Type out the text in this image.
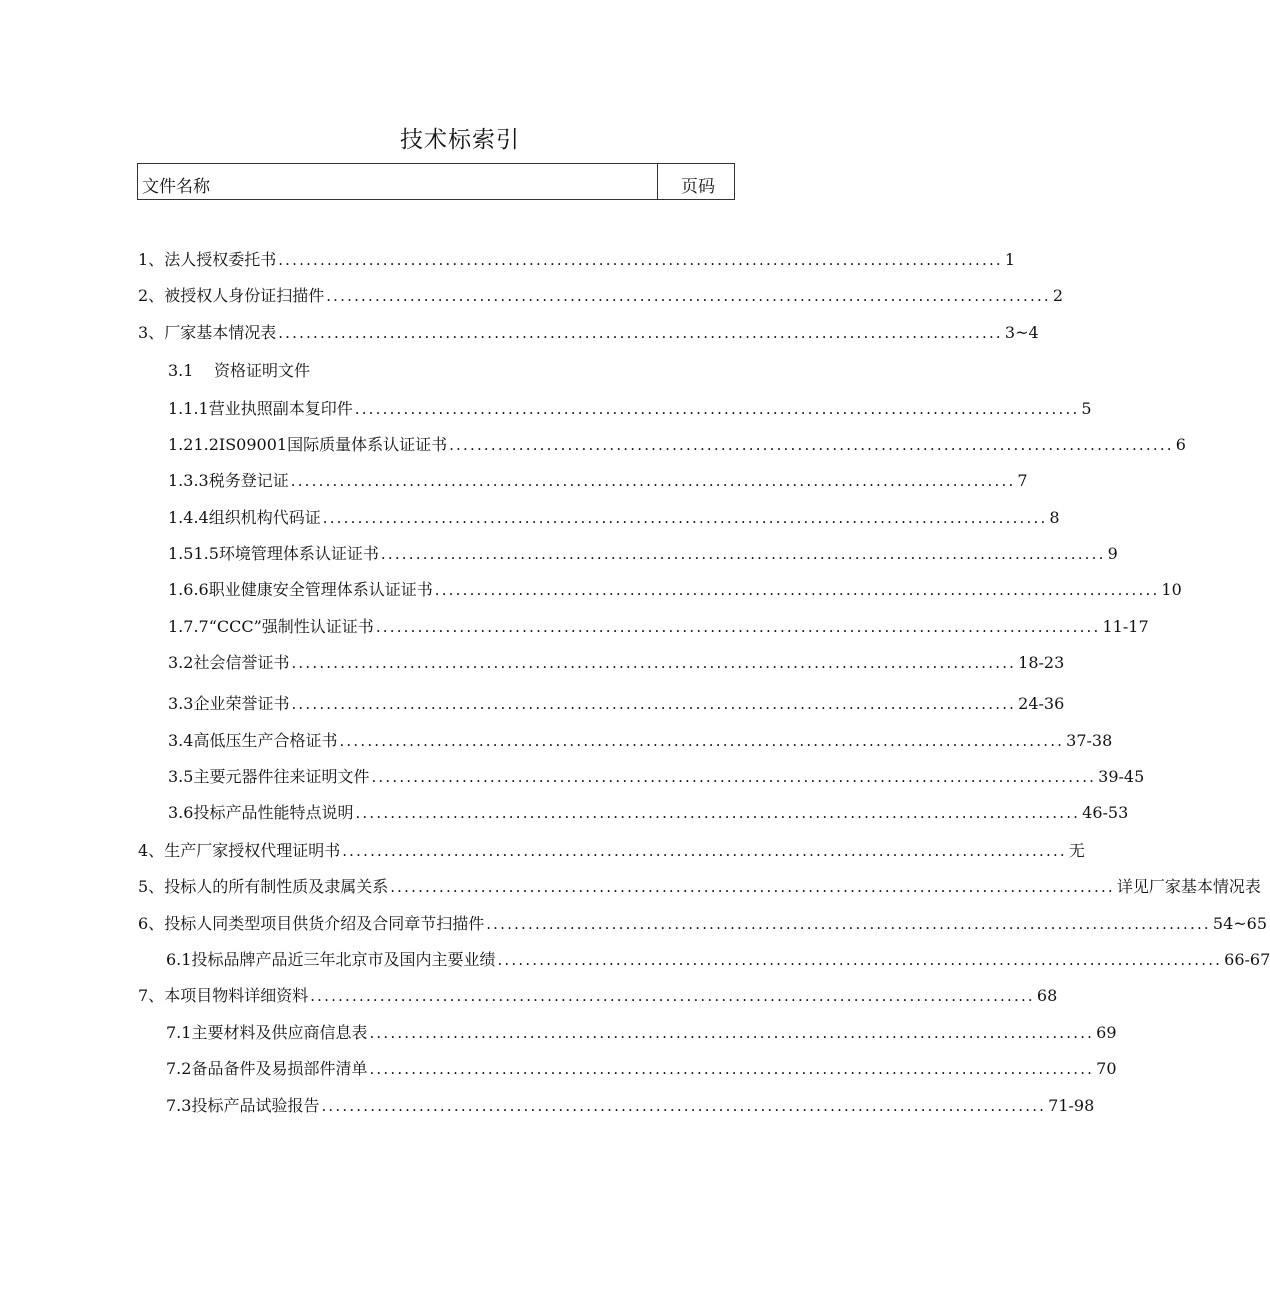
技术标索引
文件名称	页码
1、 法人授权委托书 ........................................................................................................ 1
2、 被授权人身份证扫描件 ........................................................................................................ 2
3、 厂家基本情况表 ........................................................................................................ 3~4
3.1	资格证明文件
1.1 .1营业执照副本复印件 ........................................................................................................ 5
1.2 1.2IS09001国际质量体系认证证书 ........................................................................................................ 6
1.3 .3税务登记证 ........................................................................................................ 7
1.4 .4组织机构代码证 ........................................................................................................ 8
1.5 1.5环境管理体系认证证书 ........................................................................................................ 9
1.6 .6职业健康安全管理体系认证证书 ........................................................................................................ 10
1.7 .7“CCC”强制性认证证书 ........................................................................................................ 11-17
3.2 社会信誉证书 ........................................................................................................ 18-23
3.3 企业荣誉证书 ........................................................................................................ 24-36
3.4 高低压生产合格证书 ........................................................................................................ 37-38
3.5 主要元器件往来证明文件 ........................................................................................................ 39-45
3.6 投标产品性能特点说明 ........................................................................................................ 46-53
4、 生产厂家授权代理证明书 ........................................................................................................ 无
5、 投标人的所有制性质及隶属关系 ........................................................................................................ 详见厂家基本情况表
6、 投标人同类型项目供货介绍及合同章节扫描件 ........................................................................................................ 54~65
6.1投标品牌产品近三年北京市及国内主要业绩 ........................................................................................................ 66-67
7、 本项目物料详细资料 ........................................................................................................ 68
7.1主要材料及供应商信息表 ........................................................................................................ 69
7.2备品备件及易损部件清单 ........................................................................................................ 70
7.3投标产品试验报告 ........................................................................................................ 71-98
